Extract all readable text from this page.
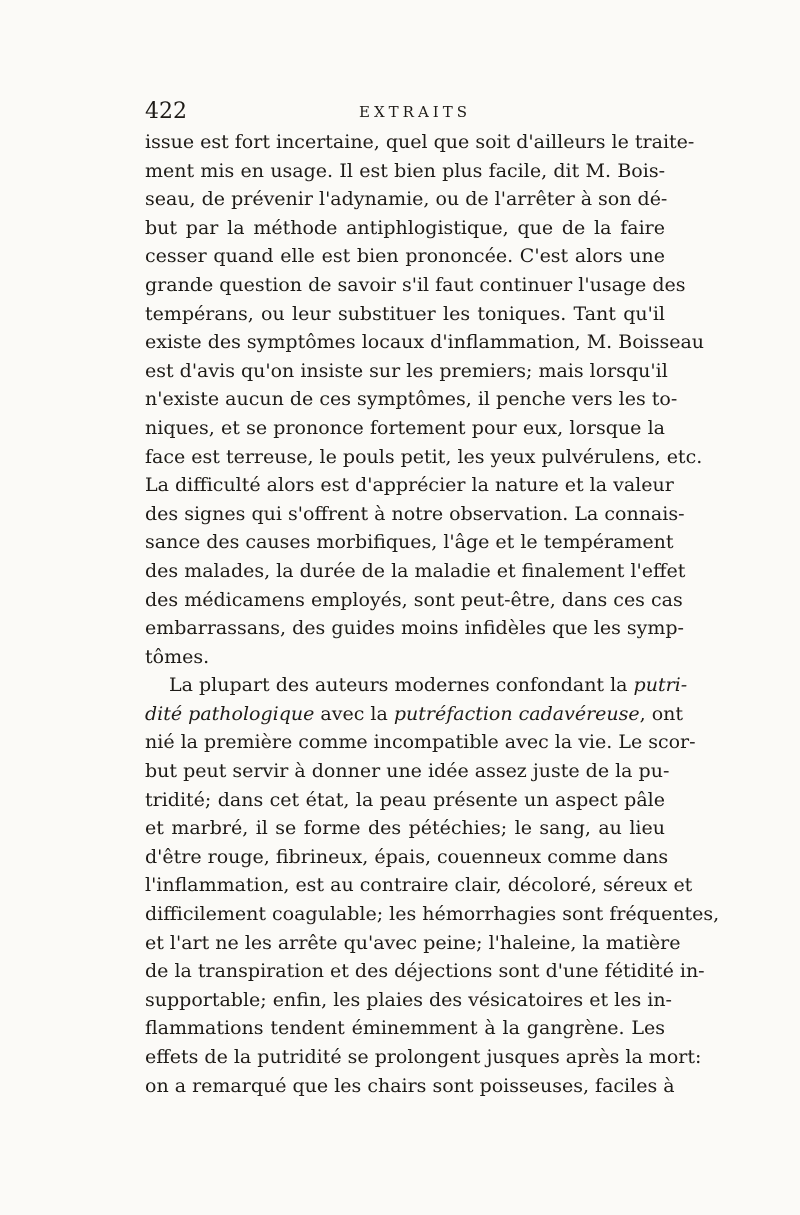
422	EXTRAITS
issue est fort incertaine, quel que soit d'ailleurs le traite-
ment mis en usage. Il est bien plus facile, dit M. Bois-
seau, de prévenir l'adynamie, ou de l'arrêter à son dé-
but par la méthode antiphlogistique, que de la faire
cesser quand elle est bien prononcée. C'est alors une
grande question de savoir s'il faut continuer l'usage des
tempérans, ou leur substituer les toniques. Tant qu'il
existe des symptômes locaux d'inflammation, M. Boisseau
est d'avis qu'on insiste sur les premiers; mais lorsqu'il
n'existe aucun de ces symptômes, il penche vers les to-
niques, et se prononce fortement pour eux, lorsque la
face est terreuse, le pouls petit, les yeux pulvérulens, etc.
La difficulté alors est d'apprécier la nature et la valeur
des signes qui s'offrent à notre observation. La connais-
sance des causes morbifiques, l'âge et le tempérament
des malades, la durée de la maladie et finalement l'effet
des médicamens employés, sont peut-être, dans ces cas
embarrassans, des guides moins infidèles que les symp-
tômes.
La plupart des auteurs modernes confondant la putri-
dité pathologique avec la putréfaction cadavéreuse, ont
nié la première comme incompatible avec la vie. Le scor-
but peut servir à donner une idée assez juste de la pu-
tridité; dans cet état, la peau présente un aspect pâle
et marbré, il se forme des pétéchies; le sang, au lieu
d'être rouge, fibrineux, épais, couenneux comme dans
l'inflammation, est au contraire clair, décoloré, séreux et
difficilement coagulable; les hémorrhagies sont fréquentes,
et l'art ne les arrête qu'avec peine; l'haleine, la matière
de la transpiration et des déjections sont d'une fétidité in-
supportable; enfin, les plaies des vésicatoires et les in-
flammations tendent éminemment à la gangrène. Les
effets de la putridité se prolongent jusques après la mort:
on a remarqué que les chairs sont poisseuses, faciles à
